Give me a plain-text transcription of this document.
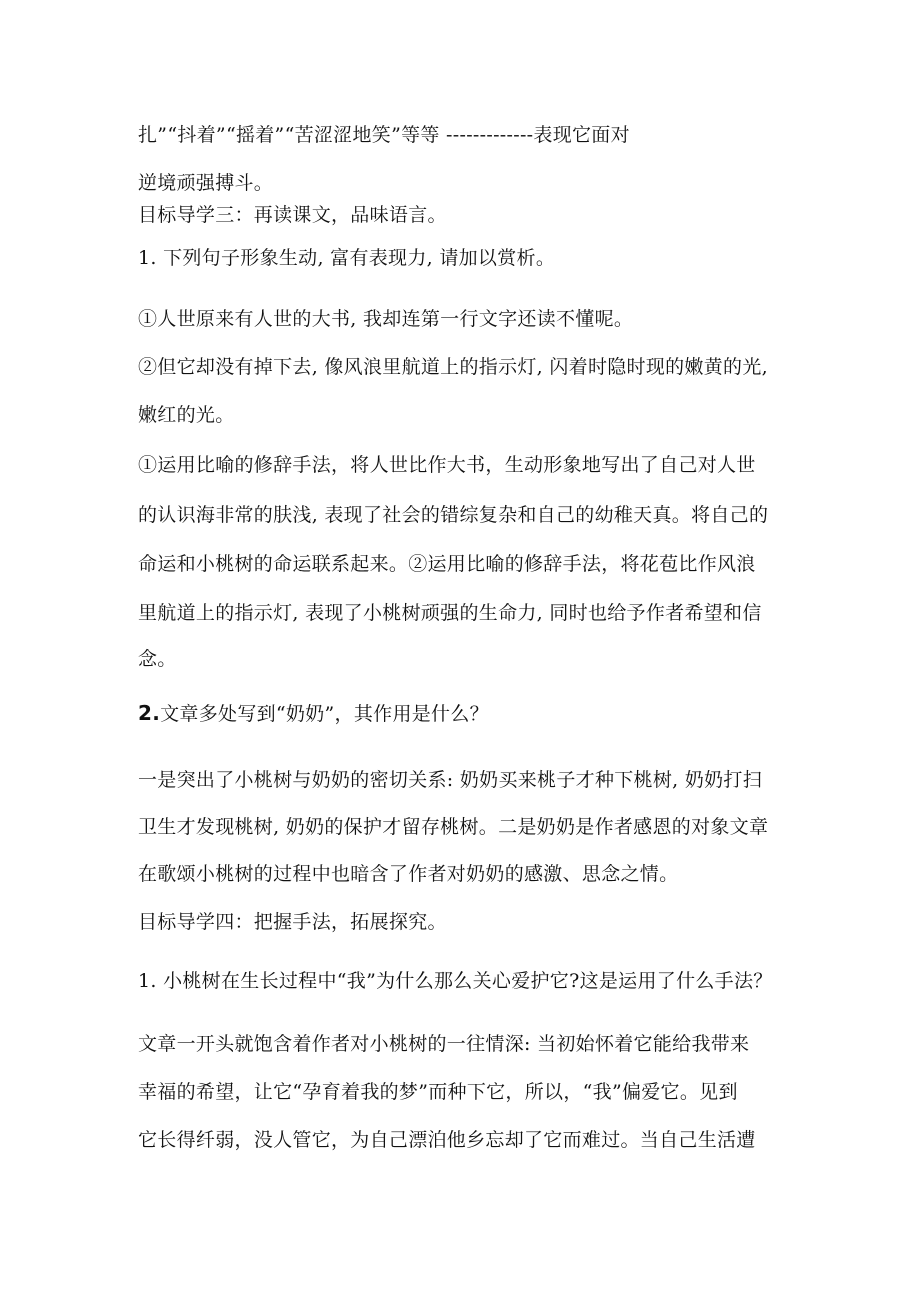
扎”“抖着”“摇着”“苦涩涩地笑”等等 -------------表现它面对
逆境顽强搏斗。
目标导学三：再读课文，品味语言。
1. 下列句子形象生动, 富有表现力, 请加以赏析。
①人世原来有人世的大书, 我却连第一行文字还读不懂呢。
②但它却没有掉下去, 像风浪里航道上的指示灯, 闪着时隐时现的嫩黄的光,
嫩红的光。
①运用比喻的修辞手法，将人世比作大书，生动形象地写出了自己对人世
的认识海非常的肤浅, 表现了社会的错综复杂和自己的幼稚天真。将自己的
命运和小桃树的命运联系起来。②运用比喻的修辞手法，将花苞比作风浪
里航道上的指示灯, 表现了小桃树顽强的生命力, 同时也给予作者希望和信
念。
2.文章多处写到“奶奶”，其作用是什么？
一是突出了小桃树与奶奶的密切关系: 奶奶买来桃子才种下桃树, 奶奶打扫
卫生才发现桃树, 奶奶的保护才留存桃树。二是奶奶是作者感恩的对象文章
在歌颂小桃树的过程中也暗含了作者对奶奶的感激、思念之情。
目标导学四：把握手法，拓展探究。
1. 小桃树在生长过程中“我”为什么那么关心爱护它?这是运用了什么手法？
文章一开头就饱含着作者对小桃树的一往情深: 当初始怀着它能给我带来
幸福的希望，让它“孕育着我的梦”而种下它，所以，“我”偏爱它。见到
它长得纤弱，没人管它，为自己漂泊他乡忘却了它而难过。当自己生活遭
